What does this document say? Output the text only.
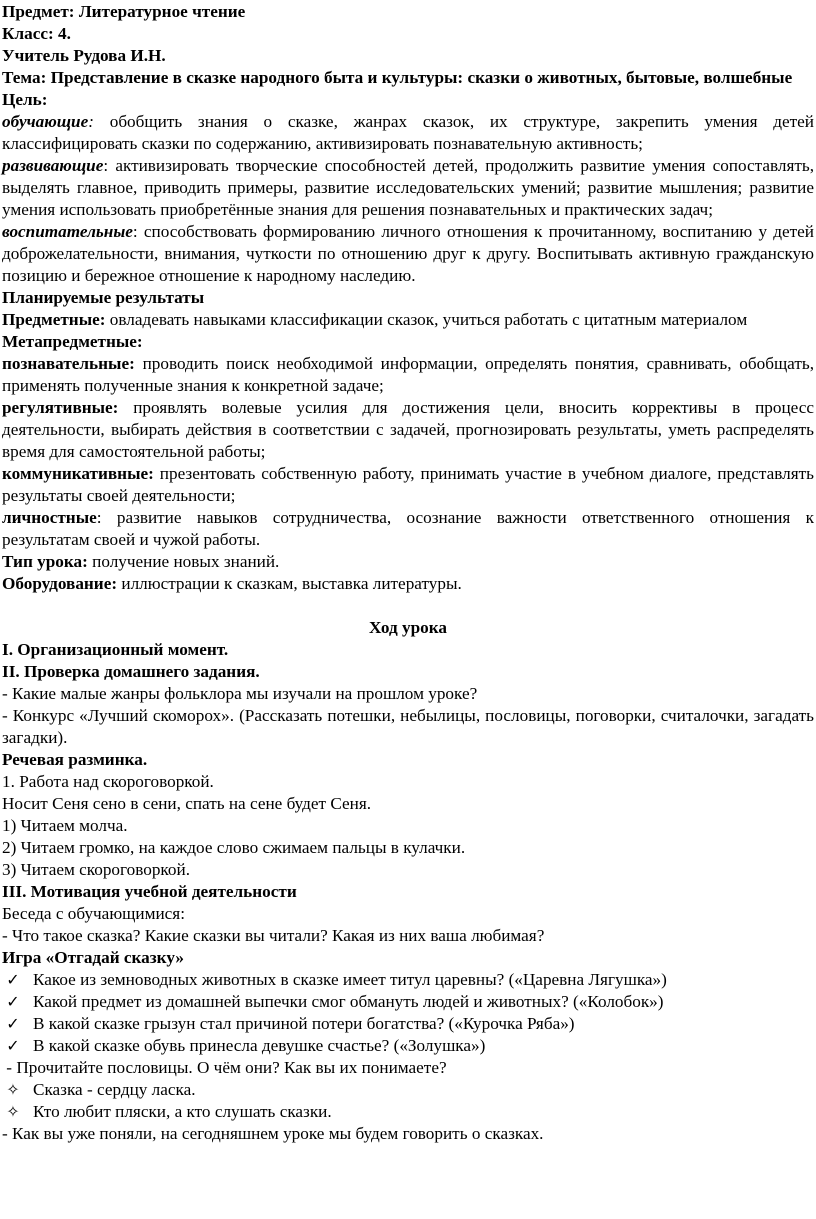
Предмет: Литературное чтение

Класс: 4.

Учитель Рудова И.Н.

Тема: Представление в сказке народного быта и культуры: сказки о животных, бытовые, волшебные

Цель:

обучающие: обобщить знания о сказке, жанрах сказок, их структуре, закрепить умения детей классифицировать сказки по содержанию, активизировать познавательную активность;

развивающие: активизировать творческие способностей детей, продолжить развитие умения сопоставлять, выделять главное, приводить примеры, развитие исследовательских умений; развитие мышления; развитие умения использовать приобретённые знания для решения познавательных и практических задач;

воспитательные: способствовать формированию личного отношения к прочитанному, воспитанию у детей доброжелательности, внимания, чуткости по отношению друг к другу. Воспитывать активную гражданскую позицию и бережное отношение к народному наследию.

Планируемые результаты

Предметные: овладевать навыками классификации сказок, учиться работать с цитатным материалом

Метапредметные:

познавательные: проводить поиск необходимой информации, определять понятия, сравнивать, обобщать, применять полученные знания к конкретной задаче;

регулятивные: проявлять волевые усилия для достижения цели, вносить коррективы в процесс деятельности, выбирать действия в соответствии с задачей, прогнозировать результаты, уметь распределять время для самостоятельной работы;

коммуникативные: презентовать собственную работу, принимать участие в учебном диалоге, представлять результаты своей деятельности;

личностные: развитие навыков сотрудничества, осознание важности ответственного отношения к результатам своей и чужой работы.

Тип урока: получение новых знаний.

Оборудование: иллюстрации к сказкам, выставка литературы.

Ход урока

I. Организационный момент.

II. Проверка домашнего задания.

- Какие малые жанры фольклора мы изучали на прошлом уроке?

- Конкурс «Лучший скоморох». (Рассказать потешки, небылицы, пословицы, поговорки, считалочки, загадать загадки).

Речевая разминка.

1. Работа над скороговоркой.

Носит Сеня сено в сени, спать на сене будет Сеня.

1) Читаем молча.

2) Читаем громко, на каждое слово сжимаем пальцы в кулачки.

3) Читаем скороговоркой.

III. Мотивация учебной деятельности

Беседа с обучающимися:

- Что такое сказка? Какие сказки вы читали? Какая из них ваша любимая?

Игра «Отгадай сказку»

✓ Какое из земноводных животных в сказке имеет титул царевны? («Царевна Лягушка»)

✓ Какой предмет из домашней выпечки смог обмануть людей и животных? («Колобок»)

✓ В какой сказке грызун стал причиной потери богатства? («Курочка Ряба»)

✓ В какой сказке обувь принесла девушке счастье? («Золушка»)

- Прочитайте пословицы. О чём они? Как вы их понимаете?

✧ Сказка - сердцу ласка.

✧ Кто любит пляски, а кто слушать сказки.

- Как вы уже поняли, на сегодняшнем уроке мы будем говорить о сказках.
